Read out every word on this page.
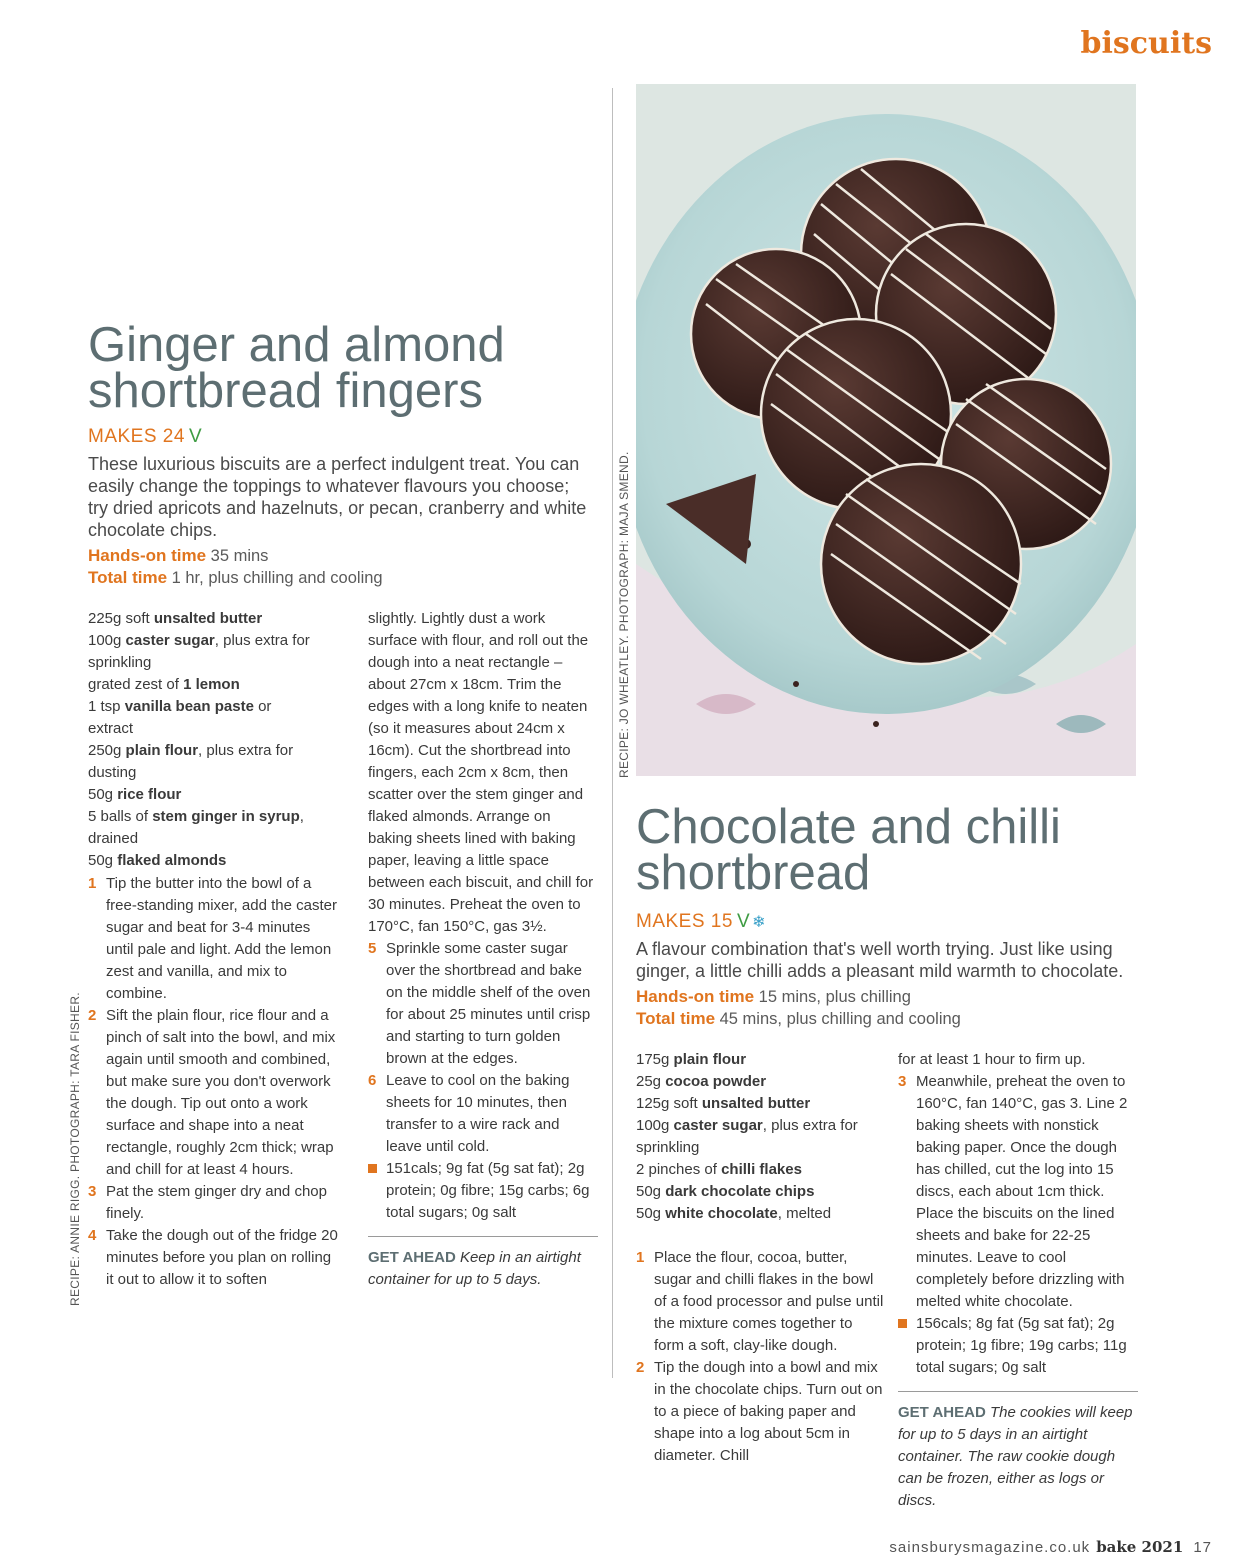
biscuits
RECIPE: JO WHEATLEY. PHOTOGRAPH: MAJA SMEND.
RECIPE: ANNIE RIGG. PHOTOGRAPH: TARA FISHER.
Ginger and almond
shortbread fingers
MAKES 24 V
These luxurious biscuits are a perfect indulgent treat. You can easily change the toppings to whatever flavours you choose; try dried apricots and hazelnuts, or pecan, cranberry and white chocolate chips.
Hands-on time 35 mins
Total time 1 hr, plus chilling and cooling
225g soft unsalted butter
100g caster sugar, plus extra for sprinkling
grated zest of 1 lemon
1 tsp vanilla bean paste or extract
250g plain flour, plus extra for dusting
50g rice flour
5 balls of stem ginger in syrup, drained
50g flaked almonds
1 Tip the butter into the bowl of a free-standing mixer, add the caster sugar and beat for 3-4 minutes until pale and light. Add the lemon zest and vanilla, and mix to combine.
2 Sift the plain flour, rice flour and a pinch of salt into the bowl, and mix again until smooth and combined, but make sure you don't overwork the dough. Tip out onto a work surface and shape into a neat rectangle, roughly 2cm thick; wrap and chill for at least 4 hours.
3 Pat the stem ginger dry and chop finely.
4 Take the dough out of the fridge 20 minutes before you plan on rolling it out to allow it to soften
slightly. Lightly dust a work surface with flour, and roll out the dough into a neat rectangle – about 27cm x 18cm. Trim the edges with a long knife to neaten (so it measures about 24cm x 16cm). Cut the shortbread into fingers, each 2cm x 8cm, then scatter over the stem ginger and flaked almonds. Arrange on baking sheets lined with baking paper, leaving a little space between each biscuit, and chill for 30 minutes. Preheat the oven to 170°C, fan 150°C, gas 3½.
5 Sprinkle some caster sugar over the shortbread and bake on the middle shelf of the oven for about 25 minutes until crisp and starting to turn golden brown at the edges.
6 Leave to cool on the baking sheets for 10 minutes, then transfer to a wire rack and leave until cold.
151cals; 9g fat (5g sat fat); 2g protein; 0g fibre; 15g carbs; 6g total sugars; 0g salt
GET AHEAD Keep in an airtight container for up to 5 days.
Chocolate and chilli
shortbread
MAKES 15 V ❄
A flavour combination that's well worth trying. Just like using ginger, a little chilli adds a pleasant mild warmth to chocolate.
Hands-on time 15 mins, plus chilling
Total time 45 mins, plus chilling and cooling
175g plain flour
25g cocoa powder
125g soft unsalted butter
100g caster sugar, plus extra for sprinkling
2 pinches of chilli flakes
50g dark chocolate chips
50g white chocolate, melted
1 Place the flour, cocoa, butter, sugar and chilli flakes in the bowl of a food processor and pulse until the mixture comes together to form a soft, clay-like dough.
2 Tip the dough into a bowl and mix in the chocolate chips. Turn out on to a piece of baking paper and shape into a log about 5cm in diameter. Chill
for at least 1 hour to firm up.
3 Meanwhile, preheat the oven to 160°C, fan 140°C, gas 3. Line 2 baking sheets with nonstick baking paper. Once the dough has chilled, cut the log into 15 discs, each about 1cm thick. Place the biscuits on the lined sheets and bake for 22-25 minutes. Leave to cool completely before drizzling with melted white chocolate.
156cals; 8g fat (5g sat fat); 2g protein; 1g fibre; 19g carbs; 11g total sugars; 0g salt
GET AHEAD The cookies will keep for up to 5 days in an airtight container. The raw cookie dough can be frozen, either as logs or discs.
sainsburysmagazine.co.uk bake 2021 17
